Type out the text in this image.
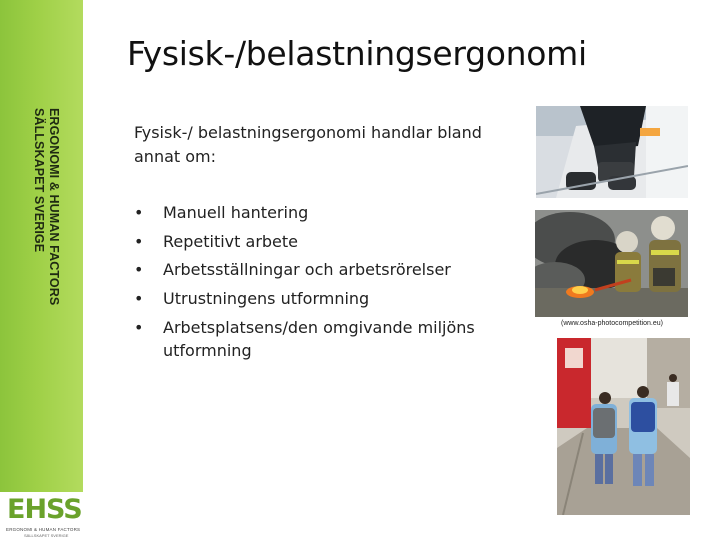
ERGONOMI & HUMAN FACTORS
SÄLLSKAPET SVERIGE
EHSS
ERGONOMI & HUMAN FACTORS
SÄLLSKAPET SVERIGE
Fysisk-/belastningsergonomi
Fysisk-/ belastningsergonomi handlar bland annat om:
• Manuell hantering
• Repetitivt arbete
• Arbetsställningar och arbetsrörelser
• Utrustningens utformning
• Arbetsplatsens/den omgivande miljöns utformning
(www.osha-photocompetition.eu)
